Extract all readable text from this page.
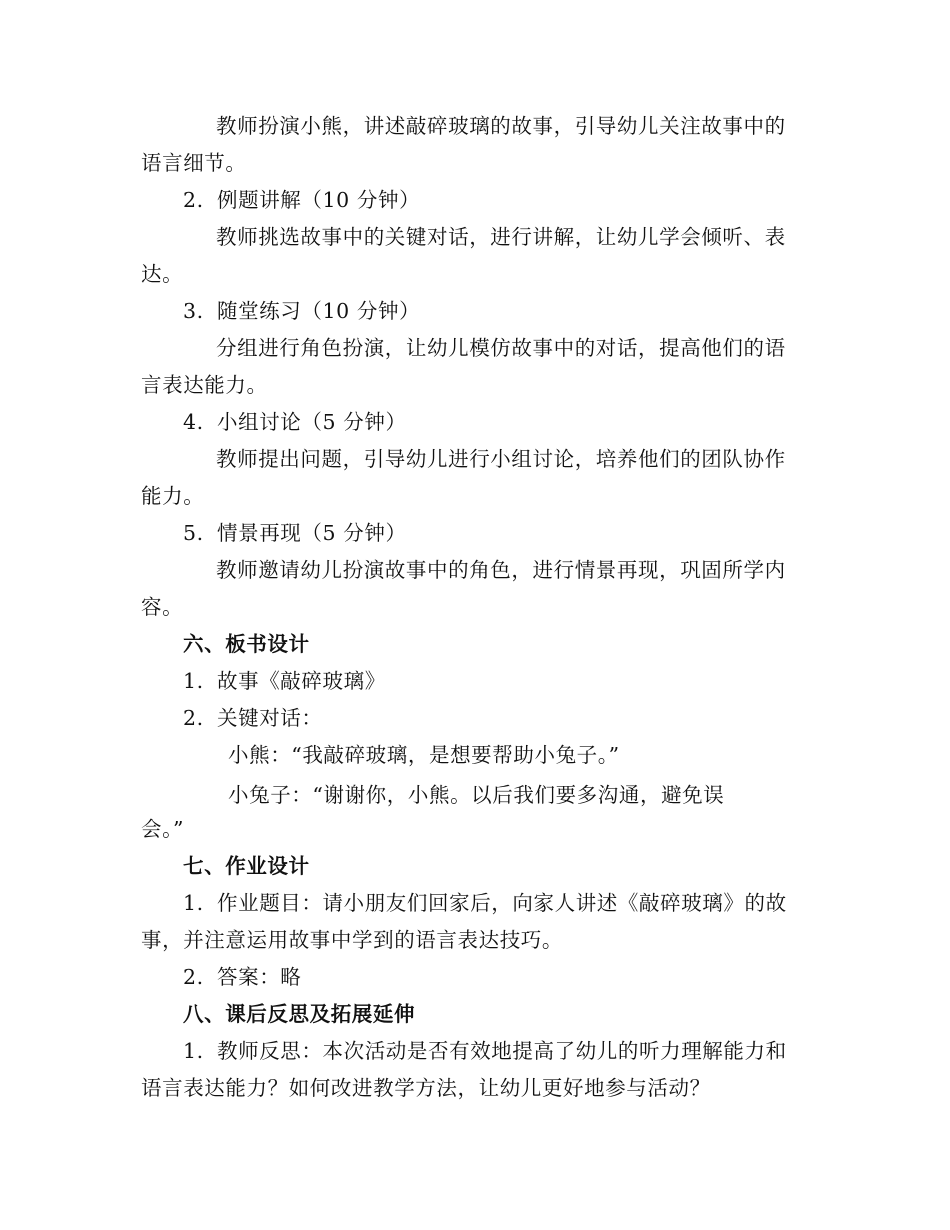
教师扮演小熊，讲述敲碎玻璃的故事，引导幼儿关注故事中的
语言细节。
2. 例题讲解（10 分钟）
教师挑选故事中的关键对话，进行讲解，让幼儿学会倾听、表
达。
3. 随堂练习（10 分钟）
分组进行角色扮演，让幼儿模仿故事中的对话，提高他们的语
言表达能力。
4. 小组讨论（5 分钟）
教师提出问题，引导幼儿进行小组讨论，培养他们的团队协作
能力。
5. 情景再现（5 分钟）
教师邀请幼儿扮演故事中的角色，进行情景再现，巩固所学内
容。
六、板书设计
1. 故事《敲碎玻璃》
2. 关键对话：
小熊：“我敲碎玻璃，是想要帮助小兔子。”
小兔子：“谢谢你，小熊。以后我们要多沟通，避免误
会。”
七、作业设计
1. 作业题目：请小朋友们回家后，向家人讲述《敲碎玻璃》的故
事，并注意运用故事中学到的语言表达技巧。
2. 答案：略
八、课后反思及拓展延伸
1. 教师反思：本次活动是否有效地提高了幼儿的听力理解能力和
语言表达能力？如何改进教学方法，让幼儿更好地参与活动？
